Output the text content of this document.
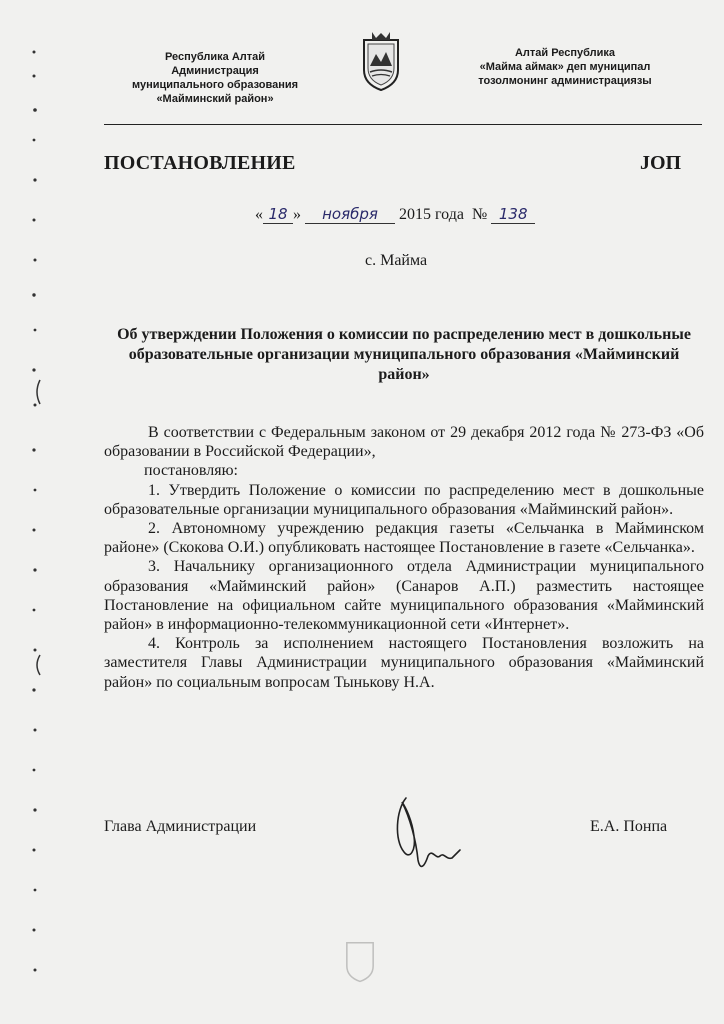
Республика Алтай
Администрация
муниципального образования
«Майминский район»
Алтай Республика
«Майма аймак» деп муниципал
тозолмонинг администрациязы
ПОСТАНОВЛЕНИЕ	ЈОП
« 18 » ноября 2015 года № 138
с. Майма
Об утверждении Положения о комиссии по распределению мест в дошкольные образовательные организации муниципального образования «Майминский район»

В соответствии с Федеральным законом от 29 декабря 2012 года № 273-ФЗ «Об образовании в Российской Федерации»,

постановляю:

1. Утвердить Положение о комиссии по распределению мест в дошкольные образовательные организации муниципального образования «Майминский район».

2. Автономному учреждению редакция газеты «Сельчанка в Майминском районе» (Скокова О.И.) опубликовать настоящее Постановление в газете «Сельчанка».

3. Начальнику организационного отдела Администрации муниципального образования «Майминский район» (Санаров А.П.) разместить настоящее Постановление на официальном сайте муниципального образования «Майминский район» в информационно-телекоммуникационной сети «Интернет».

4. Контроль за исполнением настоящего Постановления возложить на заместителя Главы Администрации муниципального образования «Майминский район» по социальным вопросам Тынькову Н.А.

Глава Администрации	Е.А. Понпа
